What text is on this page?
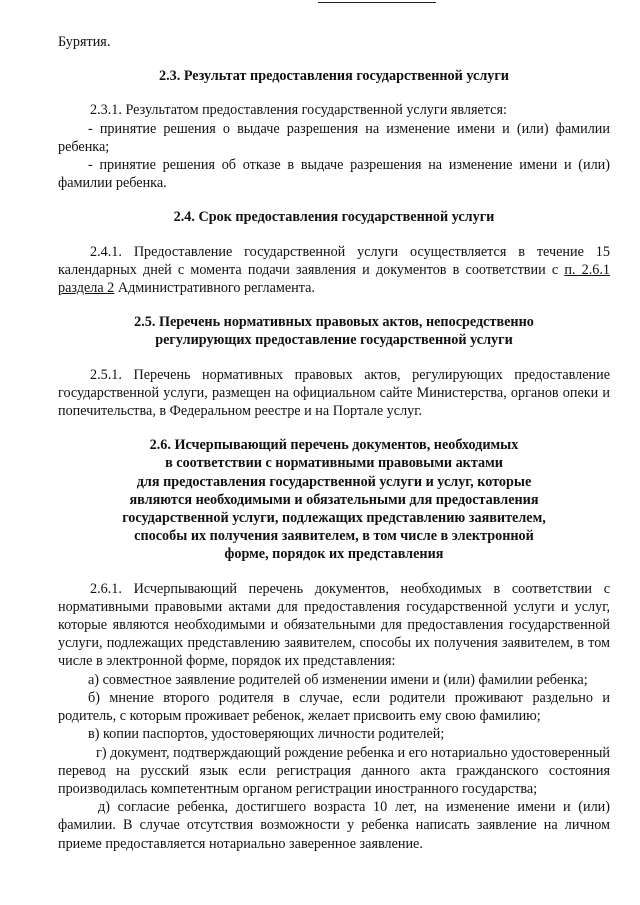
Бурятия.

2.3. Результат предоставления государственной услуги

2.3.1. Результатом предоставления государственной услуги является:

- принятие решения о выдаче разрешения на изменение имени и (или) фамилии ребенка;

- принятие решения об отказе в выдаче разрешения на изменение имени и (или) фамилии ребенка.

2.4. Срок предоставления государственной услуги

2.4.1. Предоставление государственной услуги осуществляется в течение 15 календарных дней с момента подачи заявления и документов в соответствии с п. 2.6.1 раздела 2 Административного регламента.

2.5. Перечень нормативных правовых актов, непосредственно

регулирующих предоставление государственной услуги

2.5.1. Перечень нормативных правовых актов, регулирующих предоставление государственной услуги, размещен на официальном сайте Министерства, органов опеки и попечительства, в Федеральном реестре и на Портале услуг.

2.6. Исчерпывающий перечень документов, необходимых

в соответствии с нормативными правовыми актами

для предоставления государственной услуги и услуг, которые

являются необходимыми и обязательными для предоставления

государственной услуги, подлежащих представлению заявителем,

способы их получения заявителем, в том числе в электронной

форме, порядок их представления

2.6.1. Исчерпывающий перечень документов, необходимых в соответствии с нормативными правовыми актами для предоставления государственной услуги и услуг, которые являются необходимыми и обязательными для предоставления государственной услуги, подлежащих представлению заявителем, способы их получения заявителем, в том числе в электронной форме, порядок их представления:

а) совместное заявление родителей об изменении имени и (или) фамилии ребенка;

б) мнение второго родителя в случае, если родители проживают раздельно и родитель, с которым проживает ребенок, желает присвоить ему свою фамилию;

в) копии паспортов, удостоверяющих личности родителей;

г) документ, подтверждающий рождение ребенка и его нотариально удостоверенный перевод на русский язык если регистрация данного акта гражданского состояния производилась компетентным органом регистрации иностранного государства;

д) согласие ребенка, достигшего возраста 10 лет, на изменение имени и (или) фамилии. В случае отсутствия возможности у ребенка написать заявление на личном приеме предоставляется нотариально заверенное заявление.
